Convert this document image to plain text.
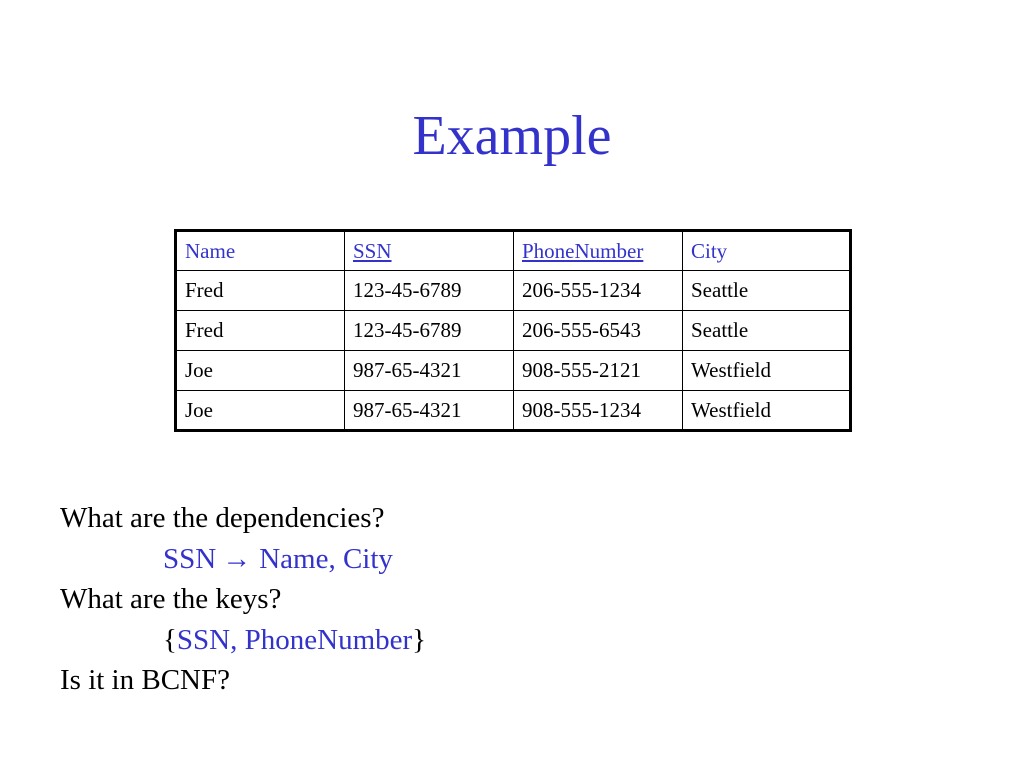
Example
Name	SSN	PhoneNumber	City
Fred	123-45-6789	206-555-1234	Seattle
Fred	123-45-6789	206-555-6543	Seattle
Joe	987-65-4321	908-555-2121	Westfield
Joe	987-65-4321	908-555-1234	Westfield
What are the dependencies?
SSN → Name, City
What are the keys?
{SSN, PhoneNumber}
Is it in BCNF?
